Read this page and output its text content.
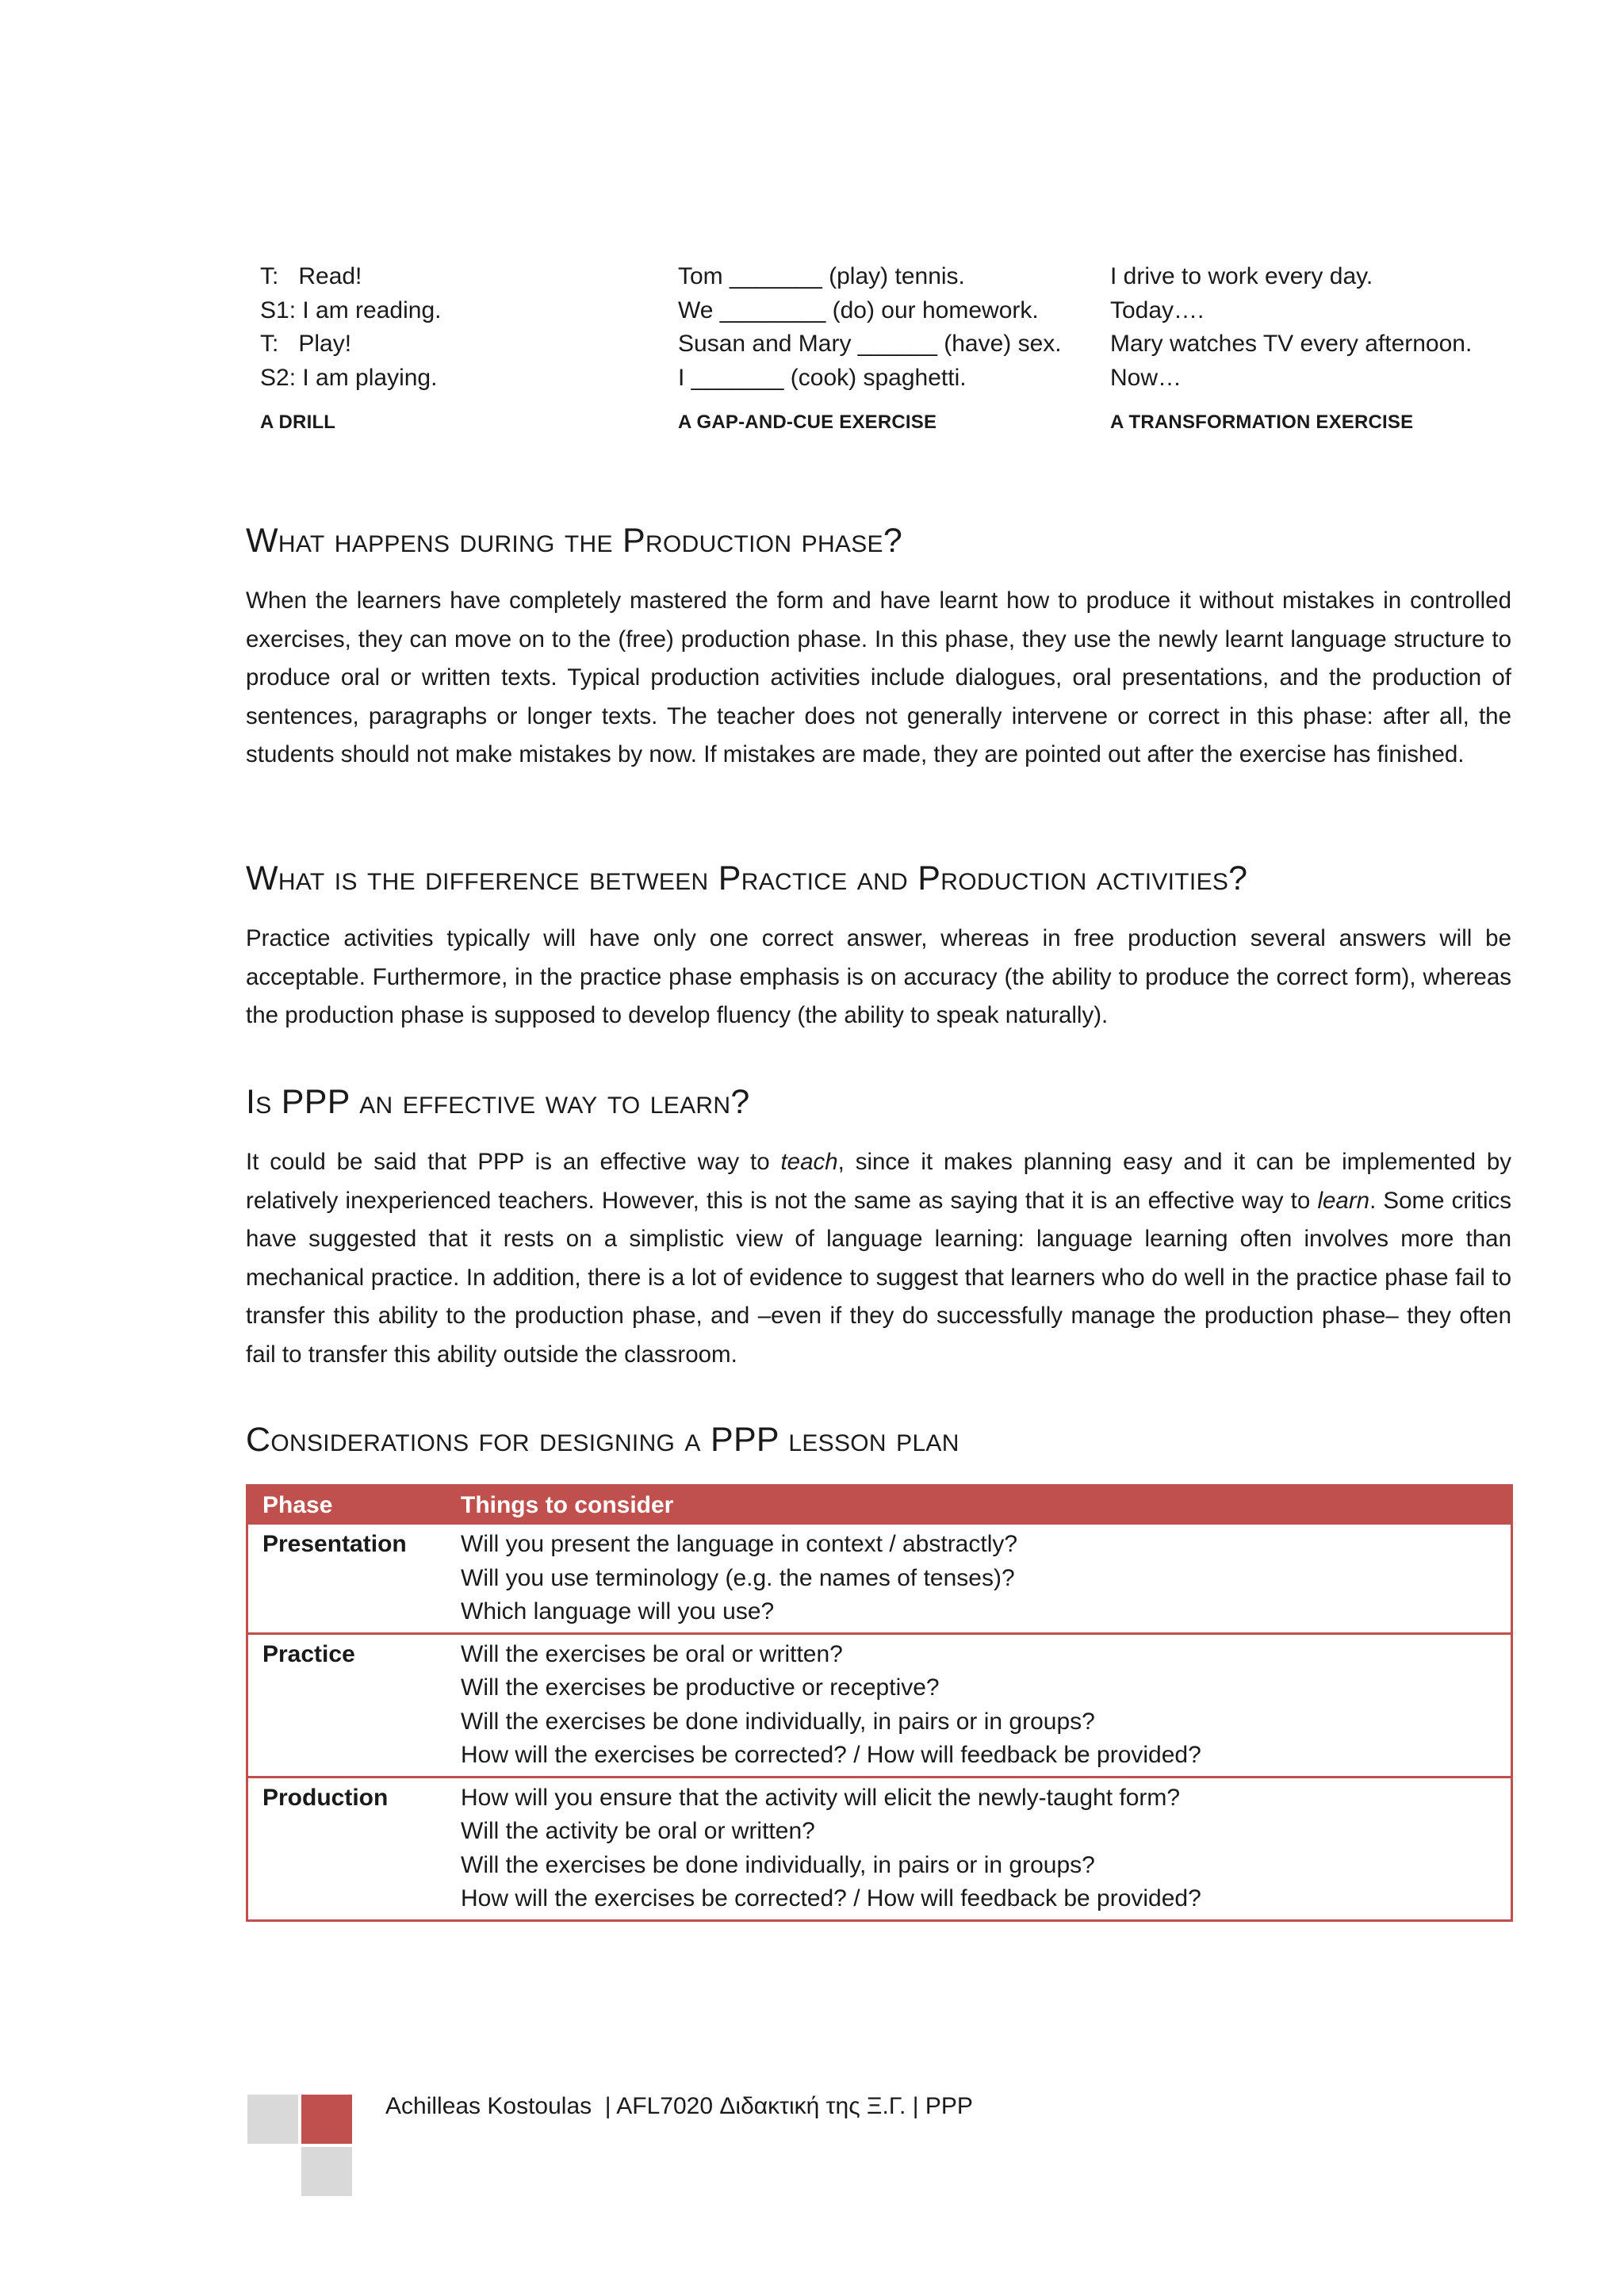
T:   Read!
S1: I am reading.
T:   Play!
S2: I am playing.
A DRILL
Tom _______ (play) tennis.
We ________ (do) our homework.
Susan and Mary ______ (have) sex.
I _______ (cook) spaghetti.
A GAP-AND-CUE EXERCISE
I drive to work every day.
Today….
Mary watches TV every afternoon.
Now…
A TRANSFORMATION EXERCISE
What happens during the Production phase?

When the learners have completely mastered the form and have learnt how to produce it without mistakes in controlled exercises, they can move on to the (free) production phase. In this phase, they use the newly learnt language structure to produce oral or written texts. Typical production activities include dialogues, oral presentations, and the production of sentences, paragraphs or longer texts. The teacher does not generally intervene or correct in this phase: after all, the students should not make mistakes by now. If mistakes are made, they are pointed out after the exercise has finished.

What is the difference between Practice and Production activities?

Practice activities typically will have only one correct answer, whereas in free production several answers will be acceptable. Furthermore, in the practice phase emphasis is on accuracy (the ability to produce the correct form), whereas the production phase is supposed to develop fluency (the ability to speak naturally).

Is PPP an effective way to learn?

It could be said that PPP is an effective way to teach, since it makes planning easy and it can be implemented by relatively inexperienced teachers. However, this is not the same as saying that it is an effective way to learn. Some critics have suggested that it rests on a simplistic view of language learning: language learning often involves more than mechanical practice. In addition, there is a lot of evidence to suggest that learners who do well in the practice phase fail to transfer this ability to the production phase, and –even if they do successfully manage the production phase– they often fail to transfer this ability outside the classroom.

Considerations for designing a PPP lesson plan
Phase	Things to consider
Presentation	Will you present the language in context / abstractly?
Will you use terminology (e.g. the names of tenses)?
Which language will you use?

Practice	Will the exercises be oral or written?
Will the exercises be productive or receptive?
Will the exercises be done individually, in pairs or in groups?
How will the exercises be corrected? / How will feedback be provided?

Production	How will you ensure that the activity will elicit the newly-taught form?
Will the activity be oral or written?
Will the exercises be done individually, in pairs or in groups?
How will the exercises be corrected? / How will feedback be provided?
Achilleas Kostoulas  | AFL7020 Διδακτική της Ξ.Γ. | PPP
